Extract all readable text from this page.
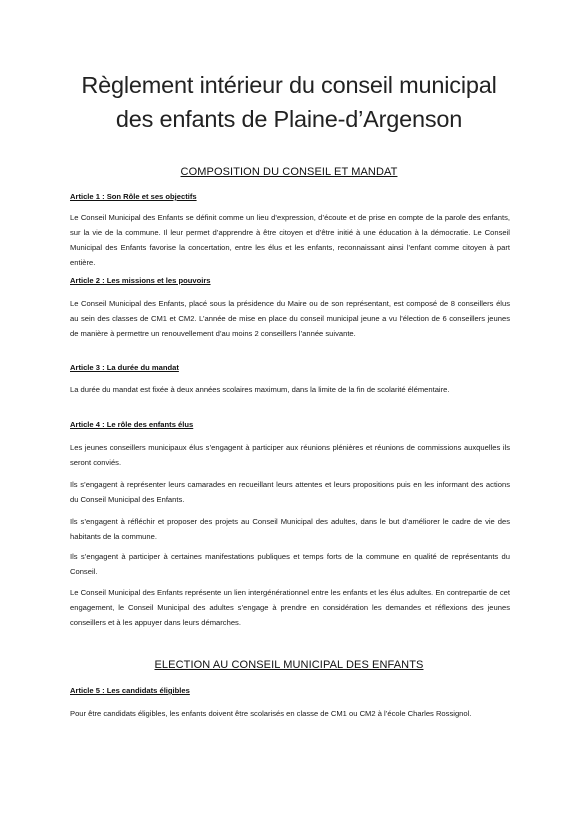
Règlement intérieur du conseil municipal
des enfants de Plaine-d’Argenson
COMPOSITION DU CONSEIL ET MANDAT
Article 1 : Son Rôle et ses objectifs
Le Conseil Municipal des Enfants se définit comme un lieu d’expression, d’écoute et de prise en compte de la parole des enfants, sur la vie de la commune. Il leur permet d’apprendre à être citoyen et d’être initié à une éducation à la démocratie. Le Conseil Municipal des Enfants favorise la concertation, entre les élus et les enfants, reconnaissant ainsi l’enfant comme citoyen à part entière.
Article 2 : Les missions et les pouvoirs
Le Conseil Municipal des Enfants, placé sous la présidence du Maire ou de son représentant, est composé de 8 conseillers élus au sein des classes de CM1 et CM2. L’année de mise en place du conseil municipal jeune a vu l’élection de 6 conseillers jeunes de manière à permettre un renouvellement d’au moins 2 conseillers l’année suivante.
Article 3 : La durée du mandat
La durée du mandat est fixée à deux années scolaires maximum, dans la limite de la fin de scolarité élémentaire.
Article 4 : Le rôle des enfants élus
Les jeunes conseillers municipaux élus s’engagent à participer aux réunions plénières et réunions de commissions auxquelles ils seront conviés.
Ils s’engagent à représenter leurs camarades en recueillant leurs attentes et leurs propositions puis en les informant des actions du Conseil Municipal des Enfants.
Ils s’engagent à réfléchir et proposer des projets au Conseil Municipal des adultes, dans le but d’améliorer le cadre de vie des habitants de la commune.
Ils s’engagent à participer à certaines manifestations publiques et temps forts de la commune en qualité de représentants du Conseil.
Le Conseil Municipal des Enfants représente un lien intergénérationnel entre les enfants et les élus adultes. En contrepartie de cet engagement, le Conseil Municipal des adultes s’engage à prendre en considération les demandes et réflexions des jeunes conseillers et à les appuyer dans leurs démarches.
ELECTION AU CONSEIL MUNICIPAL DES ENFANTS
Article 5 : Les candidats éligibles
Pour être candidats éligibles, les enfants doivent être scolarisés en classe de CM1 ou CM2 à l’école Charles Rossignol.
